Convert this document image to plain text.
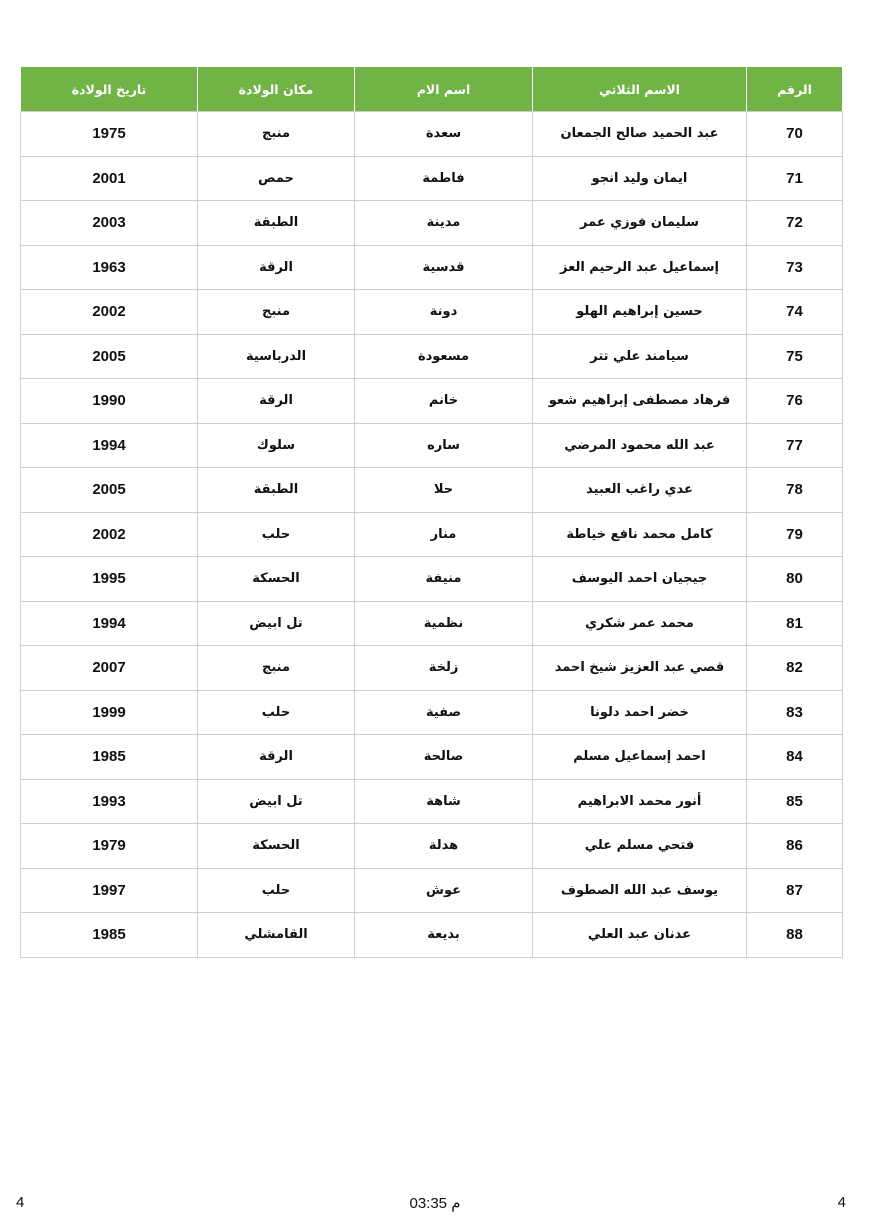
الرقم	الاسم الثلاثي	اسم الام	مكان الولادة	تاريخ الولادة
70	عبد الحميد صالح الجمعان	سعدة	منبج	1975
71	ايمان وليد انجو	فاطمة	حمص	2001
72	سليمان فوزي عمر	مدينة	الطبقة	2003
73	إسماعيل عبد الرحيم العز	قدسية	الرقة	1963
74	حسين إبراهيم الهلو	دونة	منبج	2002
75	سيامند علي تتر	مسعودة	الدرباسية	2005
76	فرهاد مصطفى إبراهيم شعو	خانم	الرقة	1990
77	عبد الله محمود المرضي	ساره	سلوك	1994
78	عدي راغب العبيد	حلا	الطبقة	2005
79	كامل محمد نافع خياطة	منار	حلب	2002
80	جيجيان احمد اليوسف	منيفة	الحسكة	1995
81	محمد عمر شكري	نظمية	تل ابيض	1994
82	قصي عبد العزيز شيخ احمد	زلخة	منبج	2007
83	خضر احمد دلونا	صفية	حلب	1999
84	احمد إسماعيل مسلم	صالحة	الرقة	1985
85	أنور محمد الابراهيم	شاهة	تل ابيض	1993
86	فتحي مسلم علي	هدلة	الحسكة	1979
87	يوسف عبد الله الصطوف	عوش	حلب	1997
88	عدنان عبد العلي	بديعة	القامشلي	1985
4	03:35 م	4
